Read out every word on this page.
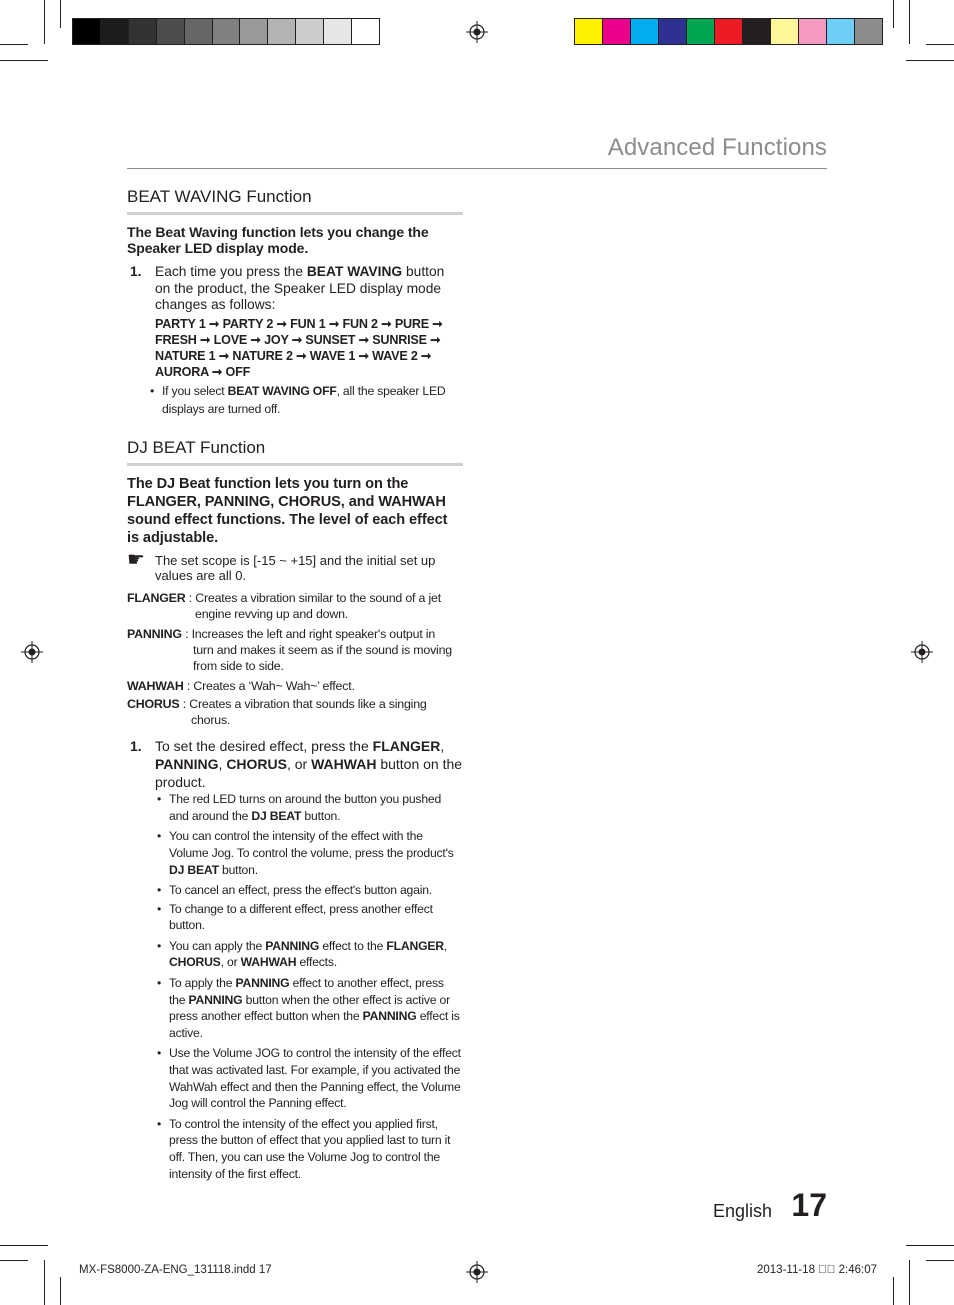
Advanced Functions
BEAT WAVING Function
The Beat Waving function lets you change the Speaker LED display mode.
1. Each time you press the BEAT WAVING button on the product, the Speaker LED display mode changes as follows:
PARTY 1 ➞ PARTY 2 ➞ FUN 1 ➞ FUN 2 ➞ PURE ➞ FRESH ➞ LOVE ➞ JOY ➞ SUNSET ➞ SUNRISE ➞ NATURE 1 ➞ NATURE 2 ➞ WAVE 1 ➞ WAVE 2 ➞ AURORA ➞ OFF
• If you select BEAT WAVING OFF, all the speaker LED displays are turned off.
DJ BEAT Function
The DJ Beat function lets you turn on the FLANGER, PANNING, CHORUS, and WAHWAH sound effect functions. The level of each effect is adjustable.
☛ The set scope is [-15 ~ +15] and the initial set up values are all 0.
FLANGER : Creates a vibration similar to the sound of a jet
engine revving up and down.
PANNING : Increases the left and right speaker's output in
turn and makes it seem as if the sound is moving
from side to side.
WAHWAH : Creates a ‘Wah~ Wah~’ effect.
CHORUS : Creates a vibration that sounds like a singing
chorus.
1. To set the desired effect, press the FLANGER, PANNING, CHORUS, or WAHWAH button on the product.
• The red LED turns on around the button you pushed and around the DJ BEAT button.
• You can control the intensity of the effect with the Volume Jog. To control the volume, press the product's DJ BEAT button.
• To cancel an effect, press the effect's button again.
• To change to a different effect, press another effect button.
• You can apply the PANNING effect to the FLANGER, CHORUS, or WAHWAH effects.
• To apply the PANNING effect to another effect, press the PANNING button when the other effect is active or press another effect button when the PANNING effect is active.
• Use the Volume JOG to control the intensity of the effect that was activated last. For example, if you activated the WahWah effect and then the Panning effect, the Volume Jog will control the Panning effect.
• To control the intensity of the effect you applied first, press the button of effect that you applied last to turn it off. Then, you can use the Volume Jog to control the intensity of the first effect.
English 17
MX-FS8000-ZA-ENG_131118.indd 17	2013-11-18 ￿￿ 2:46:07
